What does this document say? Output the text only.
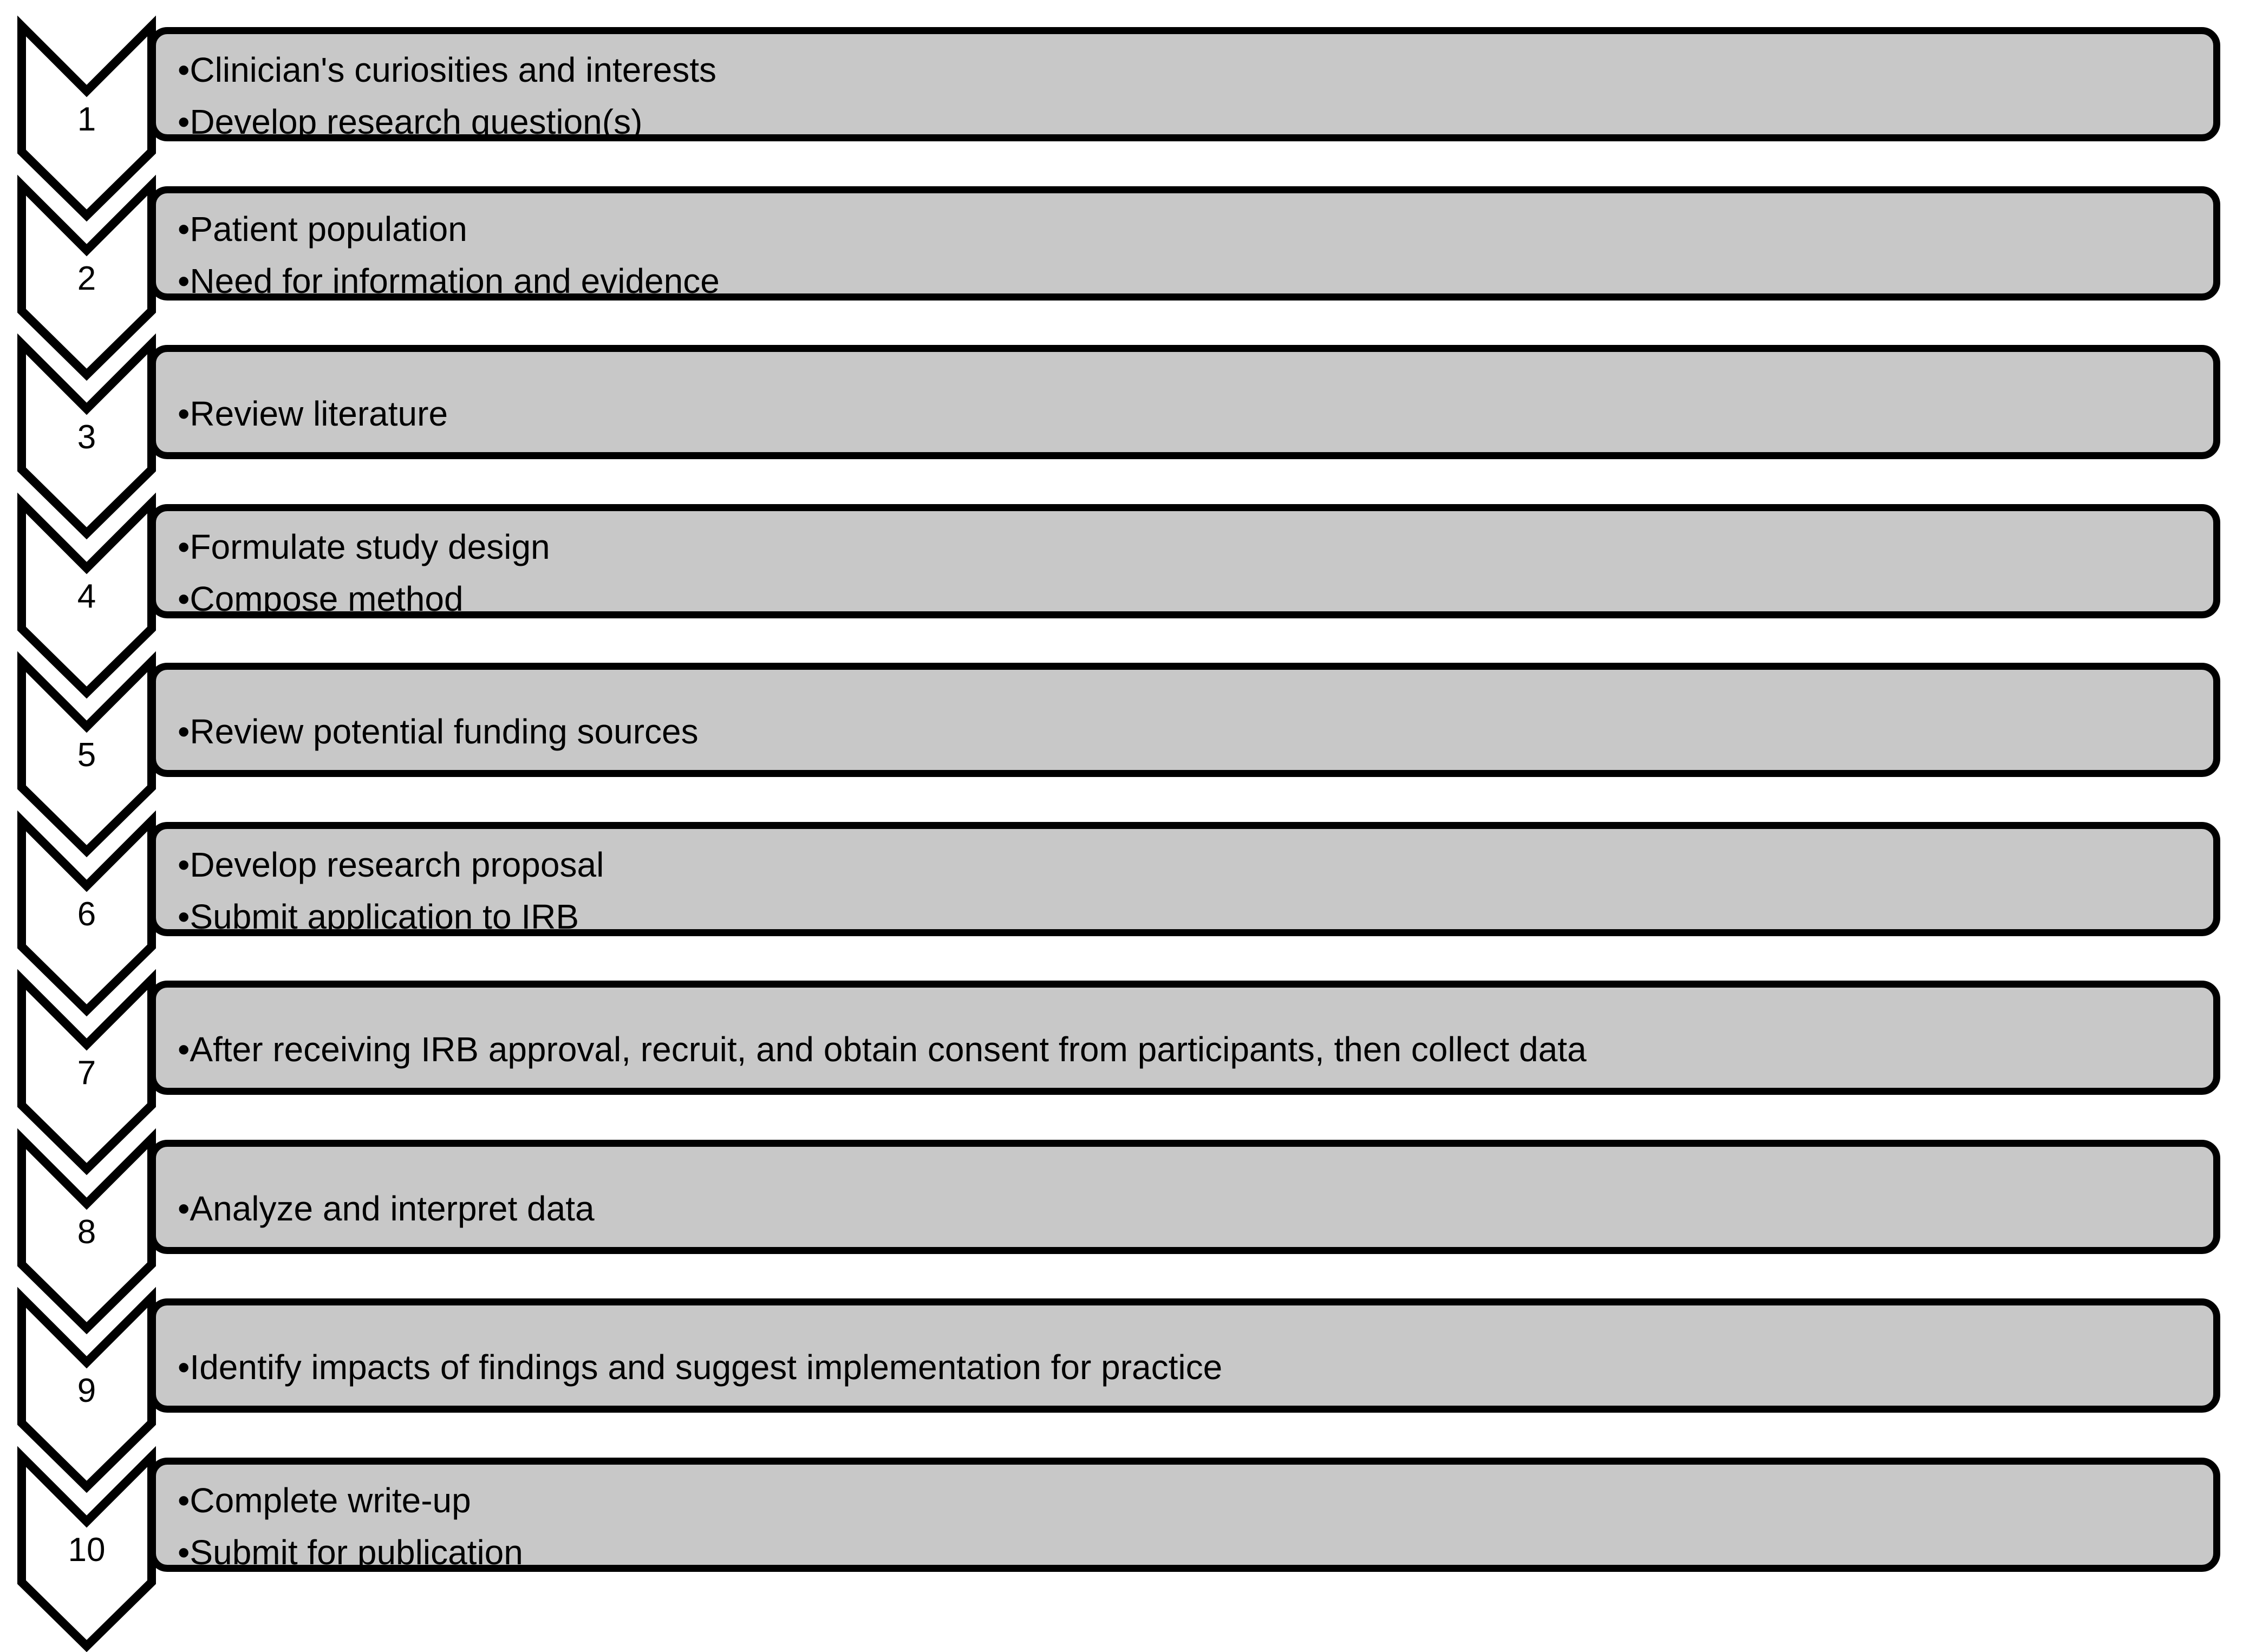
1
•Clinician's curiosities and interests
•Develop research question(s)
2
•Patient population
•Need for information and evidence
3
•Review literature
4
•Formulate study design
•Compose method
5
•Review potential funding sources
6
•Develop research proposal
•Submit application to IRB
7
•After receiving IRB approval, recruit, and obtain consent from participants, then collect data
8
•Analyze and interpret data
9
•Identify impacts of findings and suggest implementation for practice
10
•Complete write-up
•Submit for publication
